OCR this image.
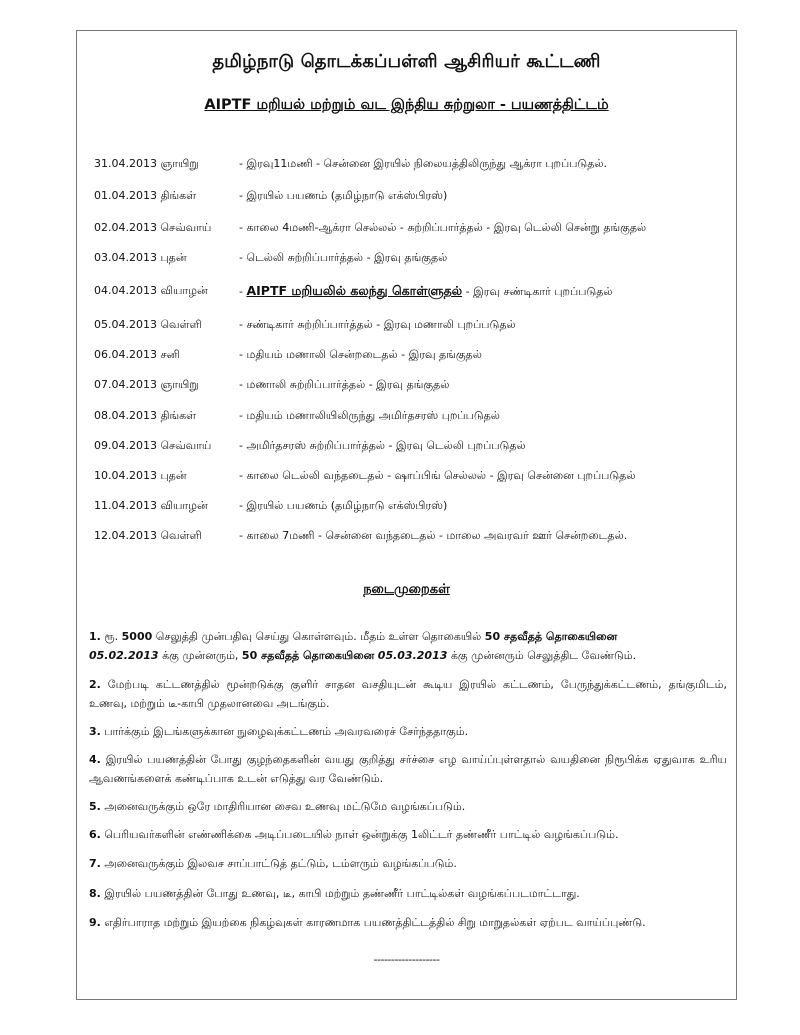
தமிழ்நாடு தொடக்கப்பள்ளி ஆசிரியர் கூட்டணி
AIPTF மறியல் மற்றும் வட இந்திய சுற்றுலா - பயணத்திட்டம்
31.04.2013 ஞாயிறு	- இரவு11மணி - சென்னை இரயில் நிலையத்திலிருந்து ஆக்ரா புறப்படுதல்.
01.04.2013 திங்கள்	- இரயில் பயணம் (தமிழ்நாடு எக்ஸ்பிரஸ்)
02.04.2013 செவ்வாய்	- காலை 4மணி-ஆக்ரா செல்லல் - சுற்றிப்பார்த்தல் - இரவு டெல்லி சென்று தங்குதல்
03.04.2013 புதன்	- டெல்லி சுற்றிப்பார்த்தல் - இரவு தங்குதல்
04.04.2013 வியாழன்	- AIPTF மறியலில் கலந்து கொள்ளுதல் - இரவு சண்டிகார் புறப்படுதல்
05.04.2013 வெள்ளி	- சண்டிகார் சுற்றிப்பார்த்தல் - இரவு மணாலி புறப்படுதல்
06.04.2013 சனி	- மதியம் மணாலி சென்றடைதல் - இரவு தங்குதல்
07.04.2013 ஞாயிறு	- மணாலி சுற்றிப்பார்த்தல் - இரவு தங்குதல்
08.04.2013 திங்கள்	- மதியம் மணாலியிலிருந்து அமிர்தசரஸ் புறப்படுதல்
09.04.2013 செவ்வாய்	- அமிர்தசரஸ் சுற்றிப்பார்த்தல் - இரவு டெல்லி புறப்படுதல்
10.04.2013 புதன்	- காலை டெல்லி வந்தடைதல் - ஷாப்பிங் செல்லல் - இரவு சென்னை புறப்படுதல்
11.04.2013 வியாழன்	- இரயில் பயணம் (தமிழ்நாடு எக்ஸ்பிரஸ்)
12.04.2013 வெள்ளி	- காலை 7மணி - சென்னை வந்தடைதல் - மாலை அவரவர் ஊர் சென்றடைதல்.
நடைமுறைகள்
1. ரூ. 5000 செலுத்தி முன்பதிவு செய்து கொள்ளவும். மீதம் உள்ள தொகையில் 50 சதவீதத் தொகையினை
05.02.2013 க்கு முன்னரும், 50 சதவீதத் தொகையினை 05.03.2013 க்கு முன்னரும் செலுத்திட வேண்டும்.
2. மேற்படி கட்டணத்தில் மூன்றடுக்கு குளிர் சாதன வசதியுடன் கூடிய இரயில் கட்டணம், பேருந்துக்கட்டணம், தங்குமிடம், உணவு, மற்றும் டீ-காபி முதலானவை அடங்கும்.
3. பார்க்கும் இடங்களுக்கான நுழைவுக்கட்டணம் அவரவரைச் சேர்ந்ததாகும்.
4. இரயில் பயணத்தின் போது குழந்தைகளின் வயது குறித்து சர்ச்சை எழ வாய்ப்புள்ளதால் வயதினை நிரூபிக்க ஏதுவாக உரிய ஆவணங்களைக் கண்டிப்பாக உடன் எடுத்து வர வேண்டும்.
5. அனைவருக்கும் ஒரே மாதிரியான சைவ உணவு மட்டுமே வழங்கப்படும்.
6. பெரியவர்களின் எண்ணிக்கை அடிப்படையில் நாள் ஒன்றுக்கு 1லிட்டர் தண்ணீர் பாட்டில் வழங்கப்படும்.
7. அனைவருக்கும் இலவச சாப்பாட்டுத் தட்டும், டம்ளரும் வழங்கப்படும்.
8. இரயில் பயணத்தின் போது உணவு, டீ, காபி மற்றும் தண்ணீர் பாட்டில்கள் வழங்கப்படமாட்டாது.
9. எதிர்பாராத மற்றும் இயற்கை நிகழ்வுகள் காரணமாக பயணத்திட்டத்தில் சிறு மாறுதல்கள் ஏற்பட வாய்ப்புண்டு.
-------------------
